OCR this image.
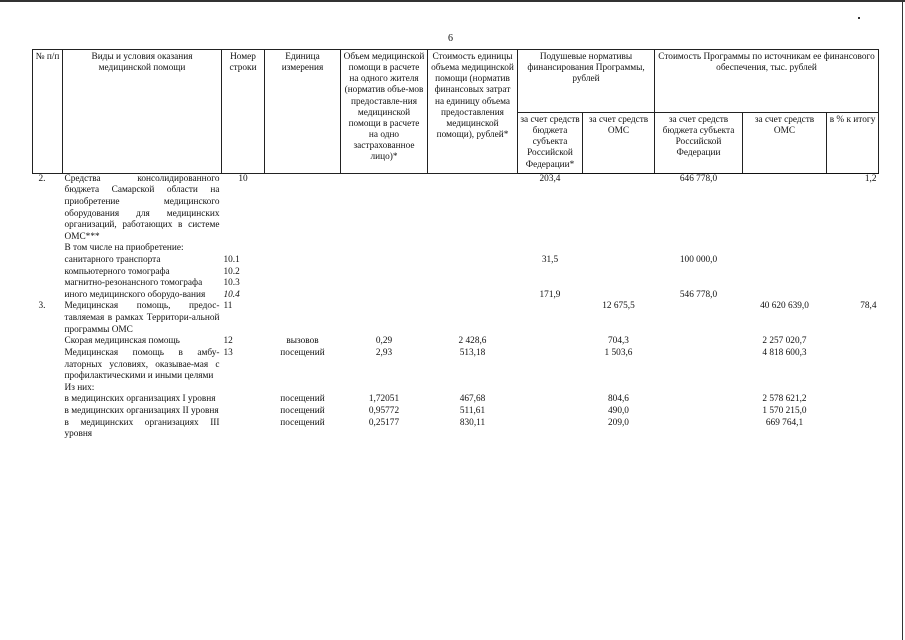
6
№ п/п	Виды и условия оказания медицинской помощи	Номер строки	Единица измерения	Объем медицинской помощи в расчете на одного жителя (норматив объе-мов предоставле-ния медицинской помощи в расчете на одно застрахованное лицо)*	Стоимость единицы объема медицинской помощи (норматив финансовых затрат на единицу объема предоставления медицинской помощи), рублей*	Подушевые нормативы финансирования Программы, рублей		Стоимость Программы по источникам ее финансового обеспечения, тыс. рублей		
						за счет средств бюджета субъекта Российской Федерации*	за счет средств ОМС	за счет средств бюджета субъекта Российской Федерации	за счет средств ОМС	в % к итогу
2.	Средства консолидированного бюджета Самарской области на приобретение медицинского оборудования для медицинских организаций, работающих в системе ОМС***	10				203,4		646 778,0		1,2
	В том числе на приобретение:									
	санитарного транспорта	10.1				31,5		100 000,0		
	компьютерного томографа	10.2								
	магнитно-резонансного томографа	10.3								
	иного медицинского оборудо-вания	10.4				171,9		546 778,0		
3.	Медицинская помощь, предос-тавляемая в рамках Территори-альной программы ОМС	11					12 675,5		40 620 639,0	78,4
	Скорая медицинская помощь	12	вызовов	0,29	2 428,6		704,3		2 257 020,7	
	Медицинская помощь в амбу-латорных условиях, оказывае-мая с профилактическими и иными целями	13	посещений	2,93	513,18		1 503,6		4 818 600,3	
	Из них:									
	в медицинских организациях I уровня		посещений	1,72051	467,68		804,6		2 578 621,2	
	в медицинских организациях II уровня		посещений	0,95772	511,61		490,0		1 570 215,0	
	в медицинских организациях III уровня		посещений	0,25177	830,11		209,0		669 764,1	
